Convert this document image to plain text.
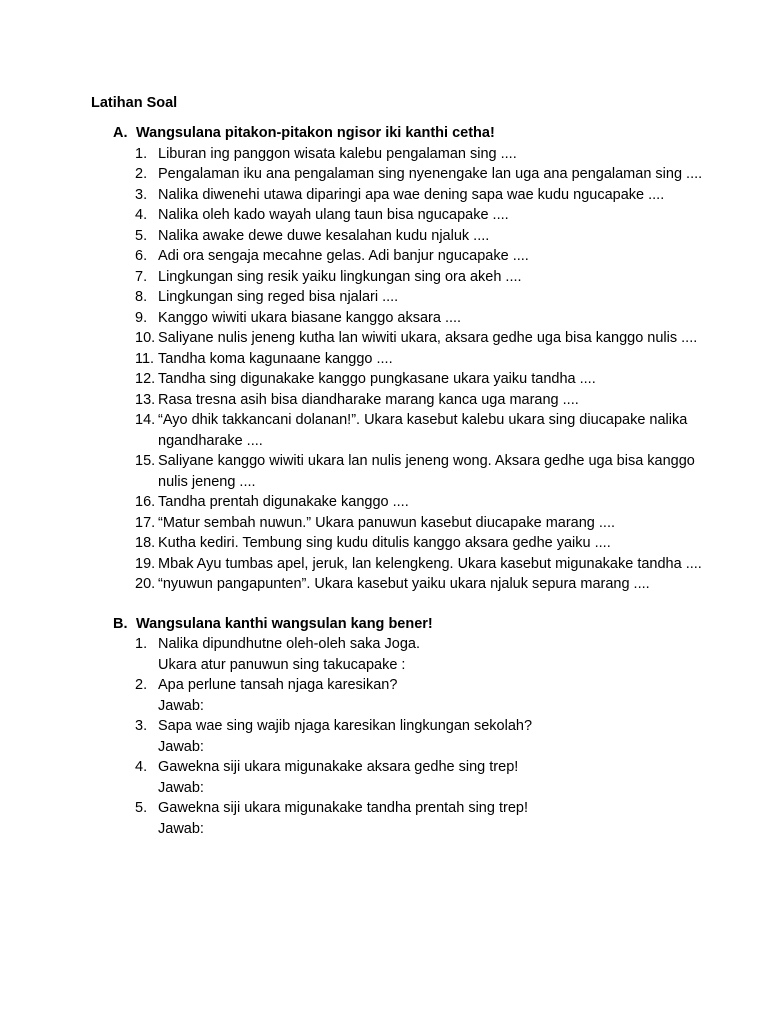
Latihan Soal
A. Wangsulana pitakon-pitakon ngisor iki kanthi cetha!
1. Liburan ing panggon wisata kalebu pengalaman sing ....
2. Pengalaman iku ana pengalaman sing nyenengake lan uga ana pengalaman sing ....
3. Nalika diwenehi utawa diparingi apa wae dening sapa wae kudu ngucapake ....
4. Nalika oleh kado wayah ulang taun bisa ngucapake ....
5. Nalika awake dewe duwe kesalahan kudu njaluk ....
6. Adi ora sengaja mecahne gelas. Adi banjur ngucapake ....
7. Lingkungan sing resik yaiku lingkungan sing ora akeh ....
8. Lingkungan sing reged bisa njalari ....
9. Kanggo wiwiti ukara biasane kanggo aksara ....
10. Saliyane nulis jeneng kutha lan wiwiti ukara, aksara gedhe uga bisa kanggo nulis ....
11. Tandha koma kagunaane kanggo ....
12. Tandha sing digunakake kanggo pungkasane ukara yaiku tandha ....
13. Rasa tresna asih bisa diandharake marang kanca uga marang ....
14. “Ayo dhik takkancani dolanan!”. Ukara kasebut kalebu ukara sing diucapake nalika ngandharake ....
15. Saliyane kanggo wiwiti ukara lan nulis jeneng wong. Aksara gedhe uga bisa kanggo nulis jeneng ....
16. Tandha prentah digunakake kanggo ....
17. “Matur sembah nuwun.” Ukara panuwun kasebut diucapake marang ....
18. Kutha kediri. Tembung sing kudu ditulis kanggo aksara gedhe yaiku ....
19. Mbak Ayu tumbas apel, jeruk, lan kelengkeng. Ukara kasebut migunakake tandha ....
20. “nyuwun pangapunten”. Ukara kasebut yaiku ukara njaluk sepura marang ....
B. Wangsulana kanthi wangsulan kang bener!
1. Nalika dipundhutne oleh-oleh saka Joga.
Ukara atur panuwun sing takucapake :
2. Apa perlune tansah njaga karesikan?
Jawab:
3. Sapa wae sing wajib njaga karesikan lingkungan sekolah?
Jawab:
4. Gawekna siji ukara migunakake aksara gedhe sing trep!
Jawab:
5. Gawekna siji ukara migunakake tandha prentah sing trep!
Jawab:
